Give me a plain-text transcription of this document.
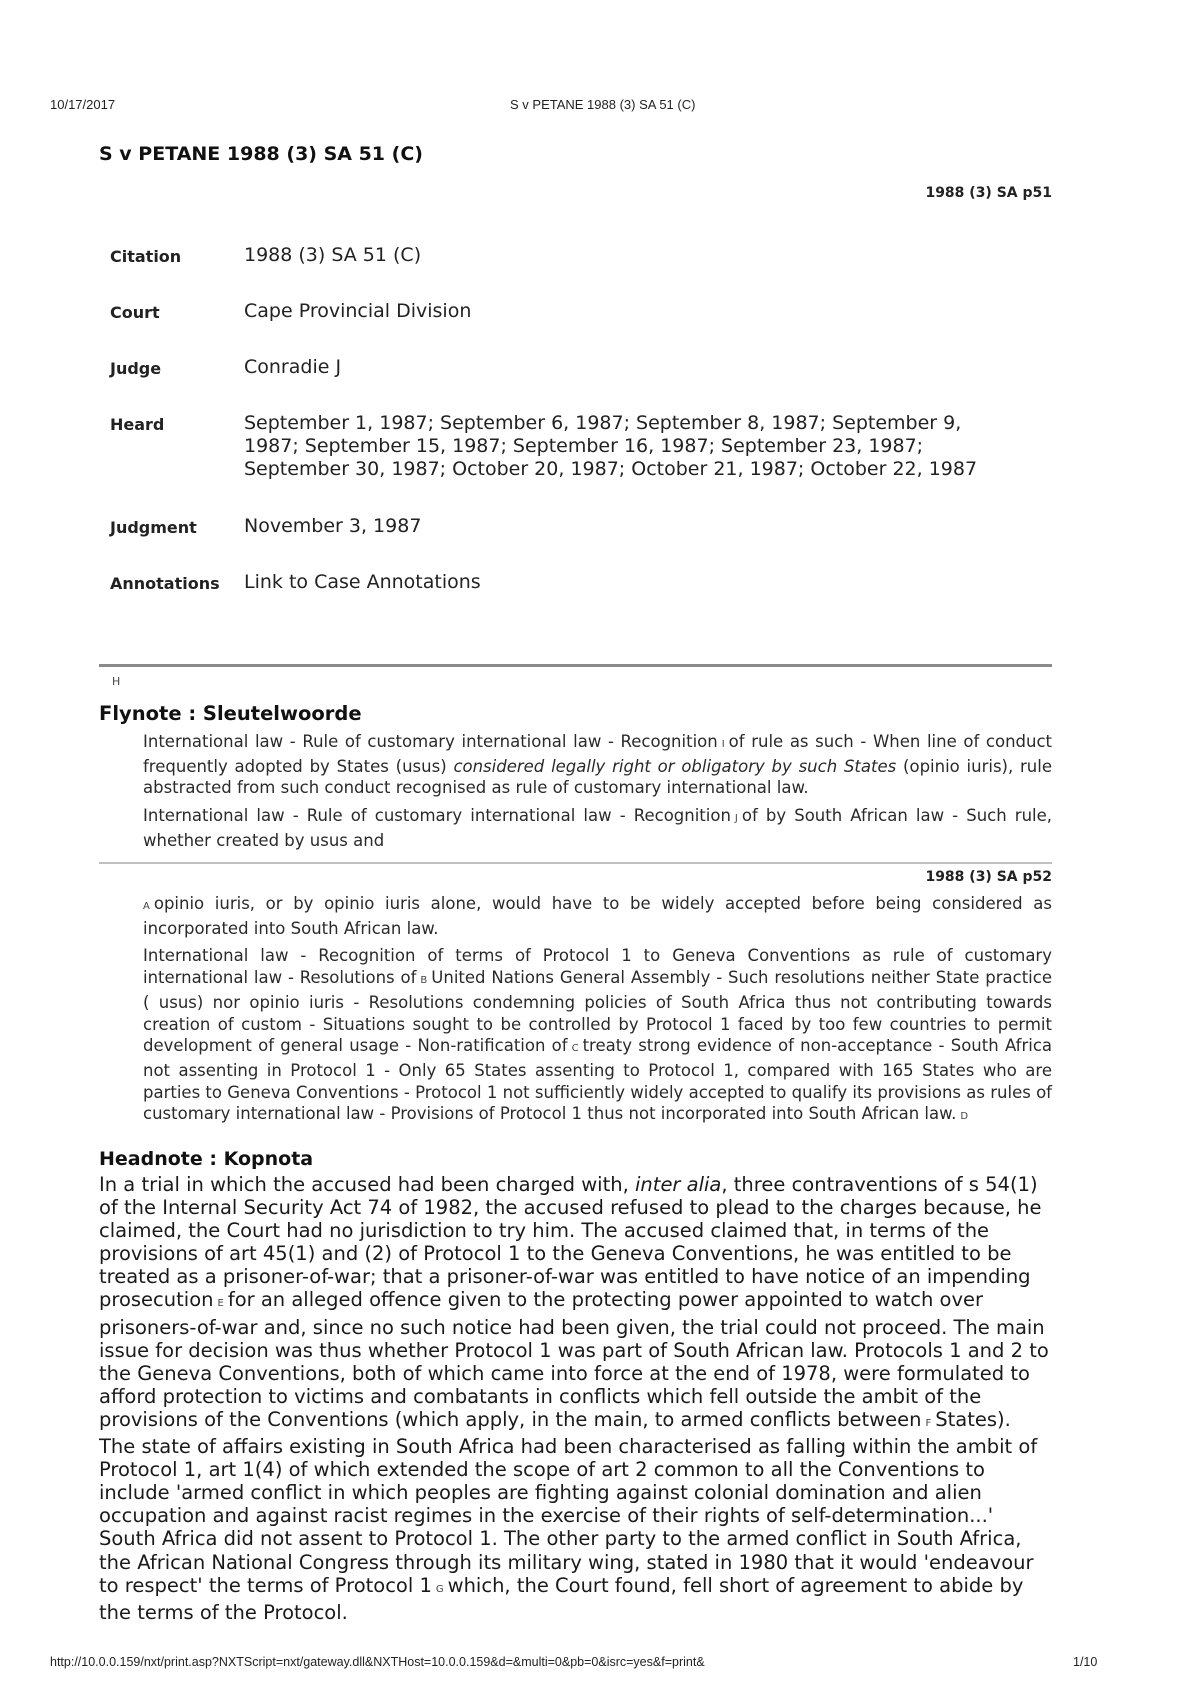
10/17/2017	S v PETANE 1988 (3) SA 51 (C)
S v PETANE 1988 (3) SA 51 (C)
1988 (3) SA p51
Citation	1988 (3) SA 51 (C)
Court	Cape Provincial Division
Judge	Conradie J
Heard	September 1, 1987; September 6, 1987; September 8, 1987; September 9,
1987; September 15, 1987; September 16, 1987; September 23, 1987;
September 30, 1987; October 20, 1987; October 21, 1987; October 22, 1987
Judgment	November 3, 1987
Annotations	Link to Case Annotations
H
Flynote : Sleutelwoorde

International law - Rule of customary international law - Recognition I of rule as such - When line of conduct frequently adopted by States (usus) considered legally right or obligatory by such States (opinio iuris), rule abstracted from such conduct recognised as rule of customary international law.

International law - Rule of customary international law - Recognition J of by South African law - Such rule, whether created by usus and

1988 (3) SA p52

A opinio iuris, or by opinio iuris alone, would have to be widely accepted before being considered as incorporated into South African law.

International law - Recognition of terms of Protocol 1 to Geneva Conventions as rule of customary international law - Resolutions of B United Nations General Assembly - Such resolutions neither State practice ( usus) nor opinio iuris - Resolutions condemning policies of South Africa thus not contributing towards creation of custom - Situations sought to be controlled by Protocol 1 faced by too few countries to permit development of general usage - Non-ratification of C treaty strong evidence of non-acceptance - South Africa not assenting in Protocol 1 - Only 65 States assenting to Protocol 1, compared with 165 States who are parties to Geneva Conventions - Protocol 1 not sufficiently widely accepted to qualify its provisions as rules of customary international law - Provisions of Protocol 1 thus not incorporated into South African law. D

Headnote : Kopnota

In a trial in which the accused had been charged with, inter alia, three contraventions of s 54(1) of the Internal Security Act 74 of 1982, the accused refused to plead to the charges because, he claimed, the Court had no jurisdiction to try him. The accused claimed that, in terms of the provisions of art 45(1) and (2) of Protocol 1 to the Geneva Conventions, he was entitled to be treated as a prisoner-of-war; that a prisoner-of-war was entitled to have notice of an impending prosecution E for an alleged offence given to the protecting power appointed to watch over prisoners-of-war and, since no such notice had been given, the trial could not proceed. The main issue for decision was thus whether Protocol 1 was part of South African law. Protocols 1 and 2 to the Geneva Conventions, both of which came into force at the end of 1978, were formulated to afford protection to victims and combatants in conflicts which fell outside the ambit of the provisions of the Conventions (which apply, in the main, to armed conflicts between F States). The state of affairs existing in South Africa had been characterised as falling within the ambit of Protocol 1, art 1(4) of which extended the scope of art 2 common to all the Conventions to include 'armed conflict in which peoples are fighting against colonial domination and alien occupation and against racist regimes in the exercise of their rights of self-determination...' South Africa did not assent to Protocol 1. The other party to the armed conflict in South Africa, the African National Congress through its military wing, stated in 1980 that it would 'endeavour to respect' the terms of Protocol 1 G which, the Court found, fell short of agreement to abide by the terms of the Protocol.

http://10.0.0.159/nxt/print.asp?NXTScript=nxt/gateway.dll&NXTHost=10.0.0.159&d=&multi=0&pb=0&isrc=yes&f=print&	1/10
